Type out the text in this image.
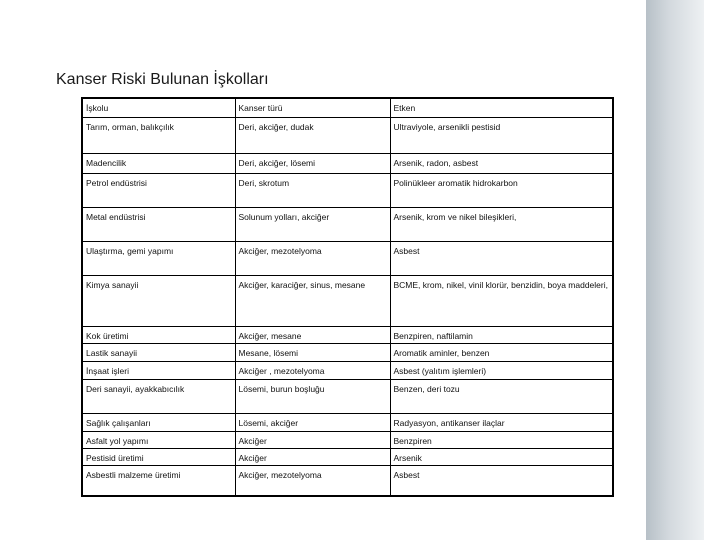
Kanser Riski Bulunan İşkolları
İşkolu	Kanser türü	Etken
Tarım, orman, balıkçılık	Deri, akciğer, dudak	Ultraviyole, arsenikli pestisid
Madencilik	Deri, akciğer, lösemi	Arsenik, radon, asbest
Petrol endüstrisi	Deri, skrotum	Polinükleer aromatik hidrokarbon
Metal endüstrisi	Solunum yolları, akciğer	Arsenik, krom ve nikel bileşikleri,
Ulaştırma, gemi yapımı	Akciğer, mezotelyoma	Asbest
Kimya sanayii	Akciğer, karaciğer, sinus, mesane	BCME, krom, nikel, vinil klorür, benzidin, boya maddeleri,
Kok üretimi	Akciğer, mesane	Benzpiren, naftilamin
Lastik sanayii	Mesane, lösemi	Aromatik aminler, benzen
İnşaat işleri	Akciğer , mezotelyoma	Asbest (yalıtım işlemleri)
Deri sanayii, ayakkabıcılık	Lösemi, burun boşluğu	Benzen, deri tozu
Sağlık çalışanları	Lösemi, akciğer	Radyasyon, antikanser ilaçlar
Asfalt yol yapımı	Akciğer	Benzpiren
Pestisid üretimi	Akciğer	Arsenik
Asbestli malzeme üretimi	Akciğer, mezotelyoma	Asbest
